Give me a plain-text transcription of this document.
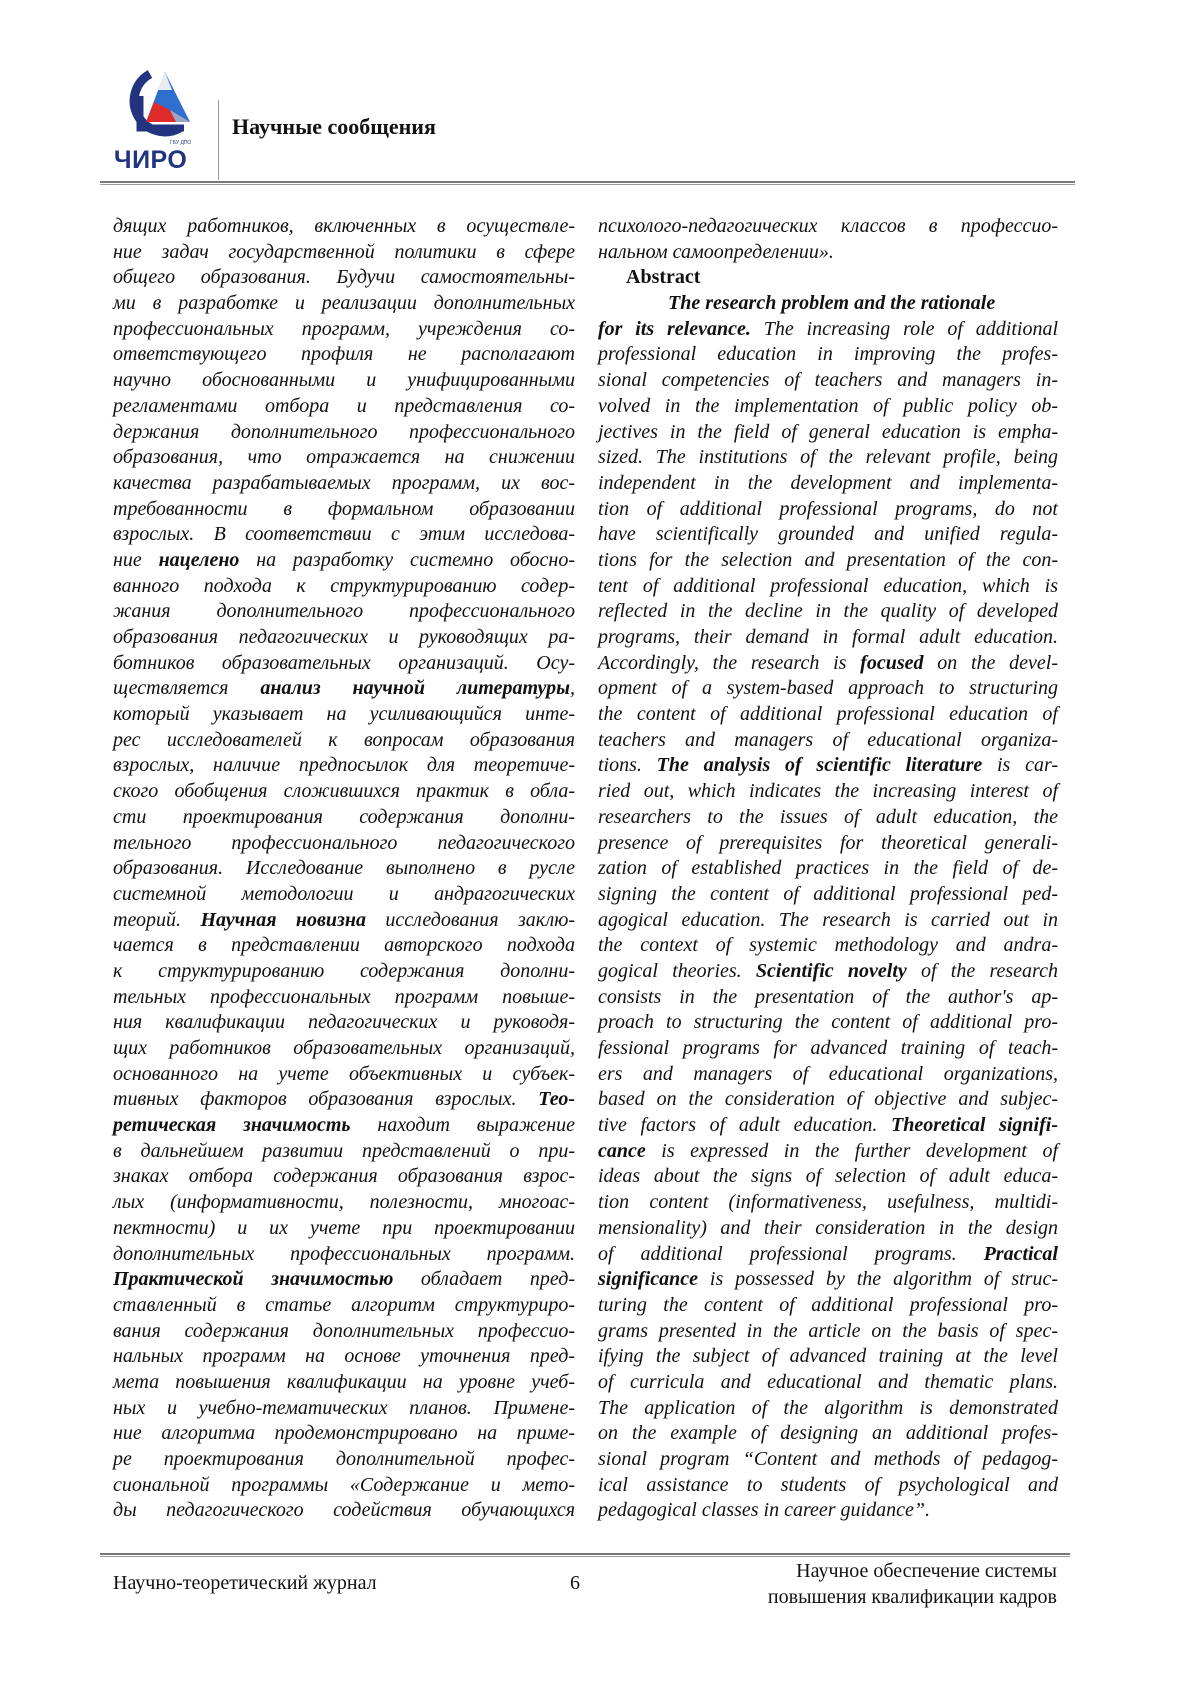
ГБУ ДПО
ЧИРО
Научные сообщения
дящих работников, включенных в осуществле-
ние задач государственной политики в сфере
общего образования. Будучи самостоятельны-
ми в разработке и реализации дополнительных
профессиональных программ, учреждения со-
ответствующего профиля не располагают
научно обоснованными и унифицированными
регламентами отбора и представления со-
держания дополнительного профессионального
образования, что отражается на снижении
качества разрабатываемых программ, их вос-
требованности в формальном образовании
взрослых. В соответствии с этим исследова-
ние нацелено на разработку системно обосно-
ванного подхода к структурированию содер-
жания дополнительного профессионального
образования педагогических и руководящих ра-
ботников образовательных организаций. Осу-
ществляется анализ научной литературы,
который указывает на усиливающийся инте-
рес исследователей к вопросам образования
взрослых, наличие предпосылок для теоретиче-
ского обобщения сложившихся практик в обла-
сти проектирования содержания дополни-
тельного профессионального педагогического
образования. Исследование выполнено в русле
системной методологии и андрагогических
теорий. Научная новизна исследования заклю-
чается в представлении авторского подхода
к структурированию содержания дополни-
тельных профессиональных программ повыше-
ния квалификации педагогических и руководя-
щих работников образовательных организаций,
основанного на учете объективных и субъек-
тивных факторов образования взрослых. Тео-
ретическая значимость находит выражение
в дальнейшем развитии представлений о при-
знаках отбора содержания образования взрос-
лых (информативности, полезности, многоас-
пектности) и их учете при проектировании
дополнительных профессиональных программ.
Практической значимостью обладает пред-
ставленный в статье алгоритм структуриро-
вания содержания дополнительных профессио-
нальных программ на основе уточнения пред-
мета повышения квалификации на уровне учеб-
ных и учебно-тематических планов. Примене-
ние алгоритма продемонстрировано на приме-
ре проектирования дополнительной профес-
сиональной программы «Содержание и мето-
ды педагогического содействия обучающихся
психолого-педагогических классов в профессио-
нальном самоопределении».
Abstract
The research problem and the rationale
for its relevance. The increasing role of additional
professional education in improving the profes-
sional competencies of teachers and managers in-
volved in the implementation of public policy ob-
jectives in the field of general education is empha-
sized. The institutions of the relevant profile, being
independent in the development and implementa-
tion of additional professional programs, do not
have scientifically grounded and unified regula-
tions for the selection and presentation of the con-
tent of additional professional education, which is
reflected in the decline in the quality of developed
programs, their demand in formal adult education.
Accordingly, the research is focused on the devel-
opment of a system-based approach to structuring
the content of additional professional education of
teachers and managers of educational organiza-
tions. The analysis of scientific literature is car-
ried out, which indicates the increasing interest of
researchers to the issues of adult education, the
presence of prerequisites for theoretical generali-
zation of established practices in the field of de-
signing the content of additional professional ped-
agogical education. The research is carried out in
the context of systemic methodology and andra-
gogical theories. Scientific novelty of the research
consists in the presentation of the author's ap-
proach to structuring the content of additional pro-
fessional programs for advanced training of teach-
ers and managers of educational organizations,
based on the consideration of objective and subjec-
tive factors of adult education. Theoretical signifi-
cance is expressed in the further development of
ideas about the signs of selection of adult educa-
tion content (informativeness, usefulness, multidi-
mensionality) and their consideration in the design
of additional professional programs. Practical
significance is possessed by the algorithm of struc-
turing the content of additional professional pro-
grams presented in the article on the basis of spec-
ifying the subject of advanced training at the level
of curricula and educational and thematic plans.
The application of the algorithm is demonstrated
on the example of designing an additional profes-
sional program “Content and methods of pedagog-
ical assistance to students of psychological and
pedagogical classes in career guidance”.
Научно-теоретический журнал	6
Научное обеспечение системы
повышения квалификации кадров
